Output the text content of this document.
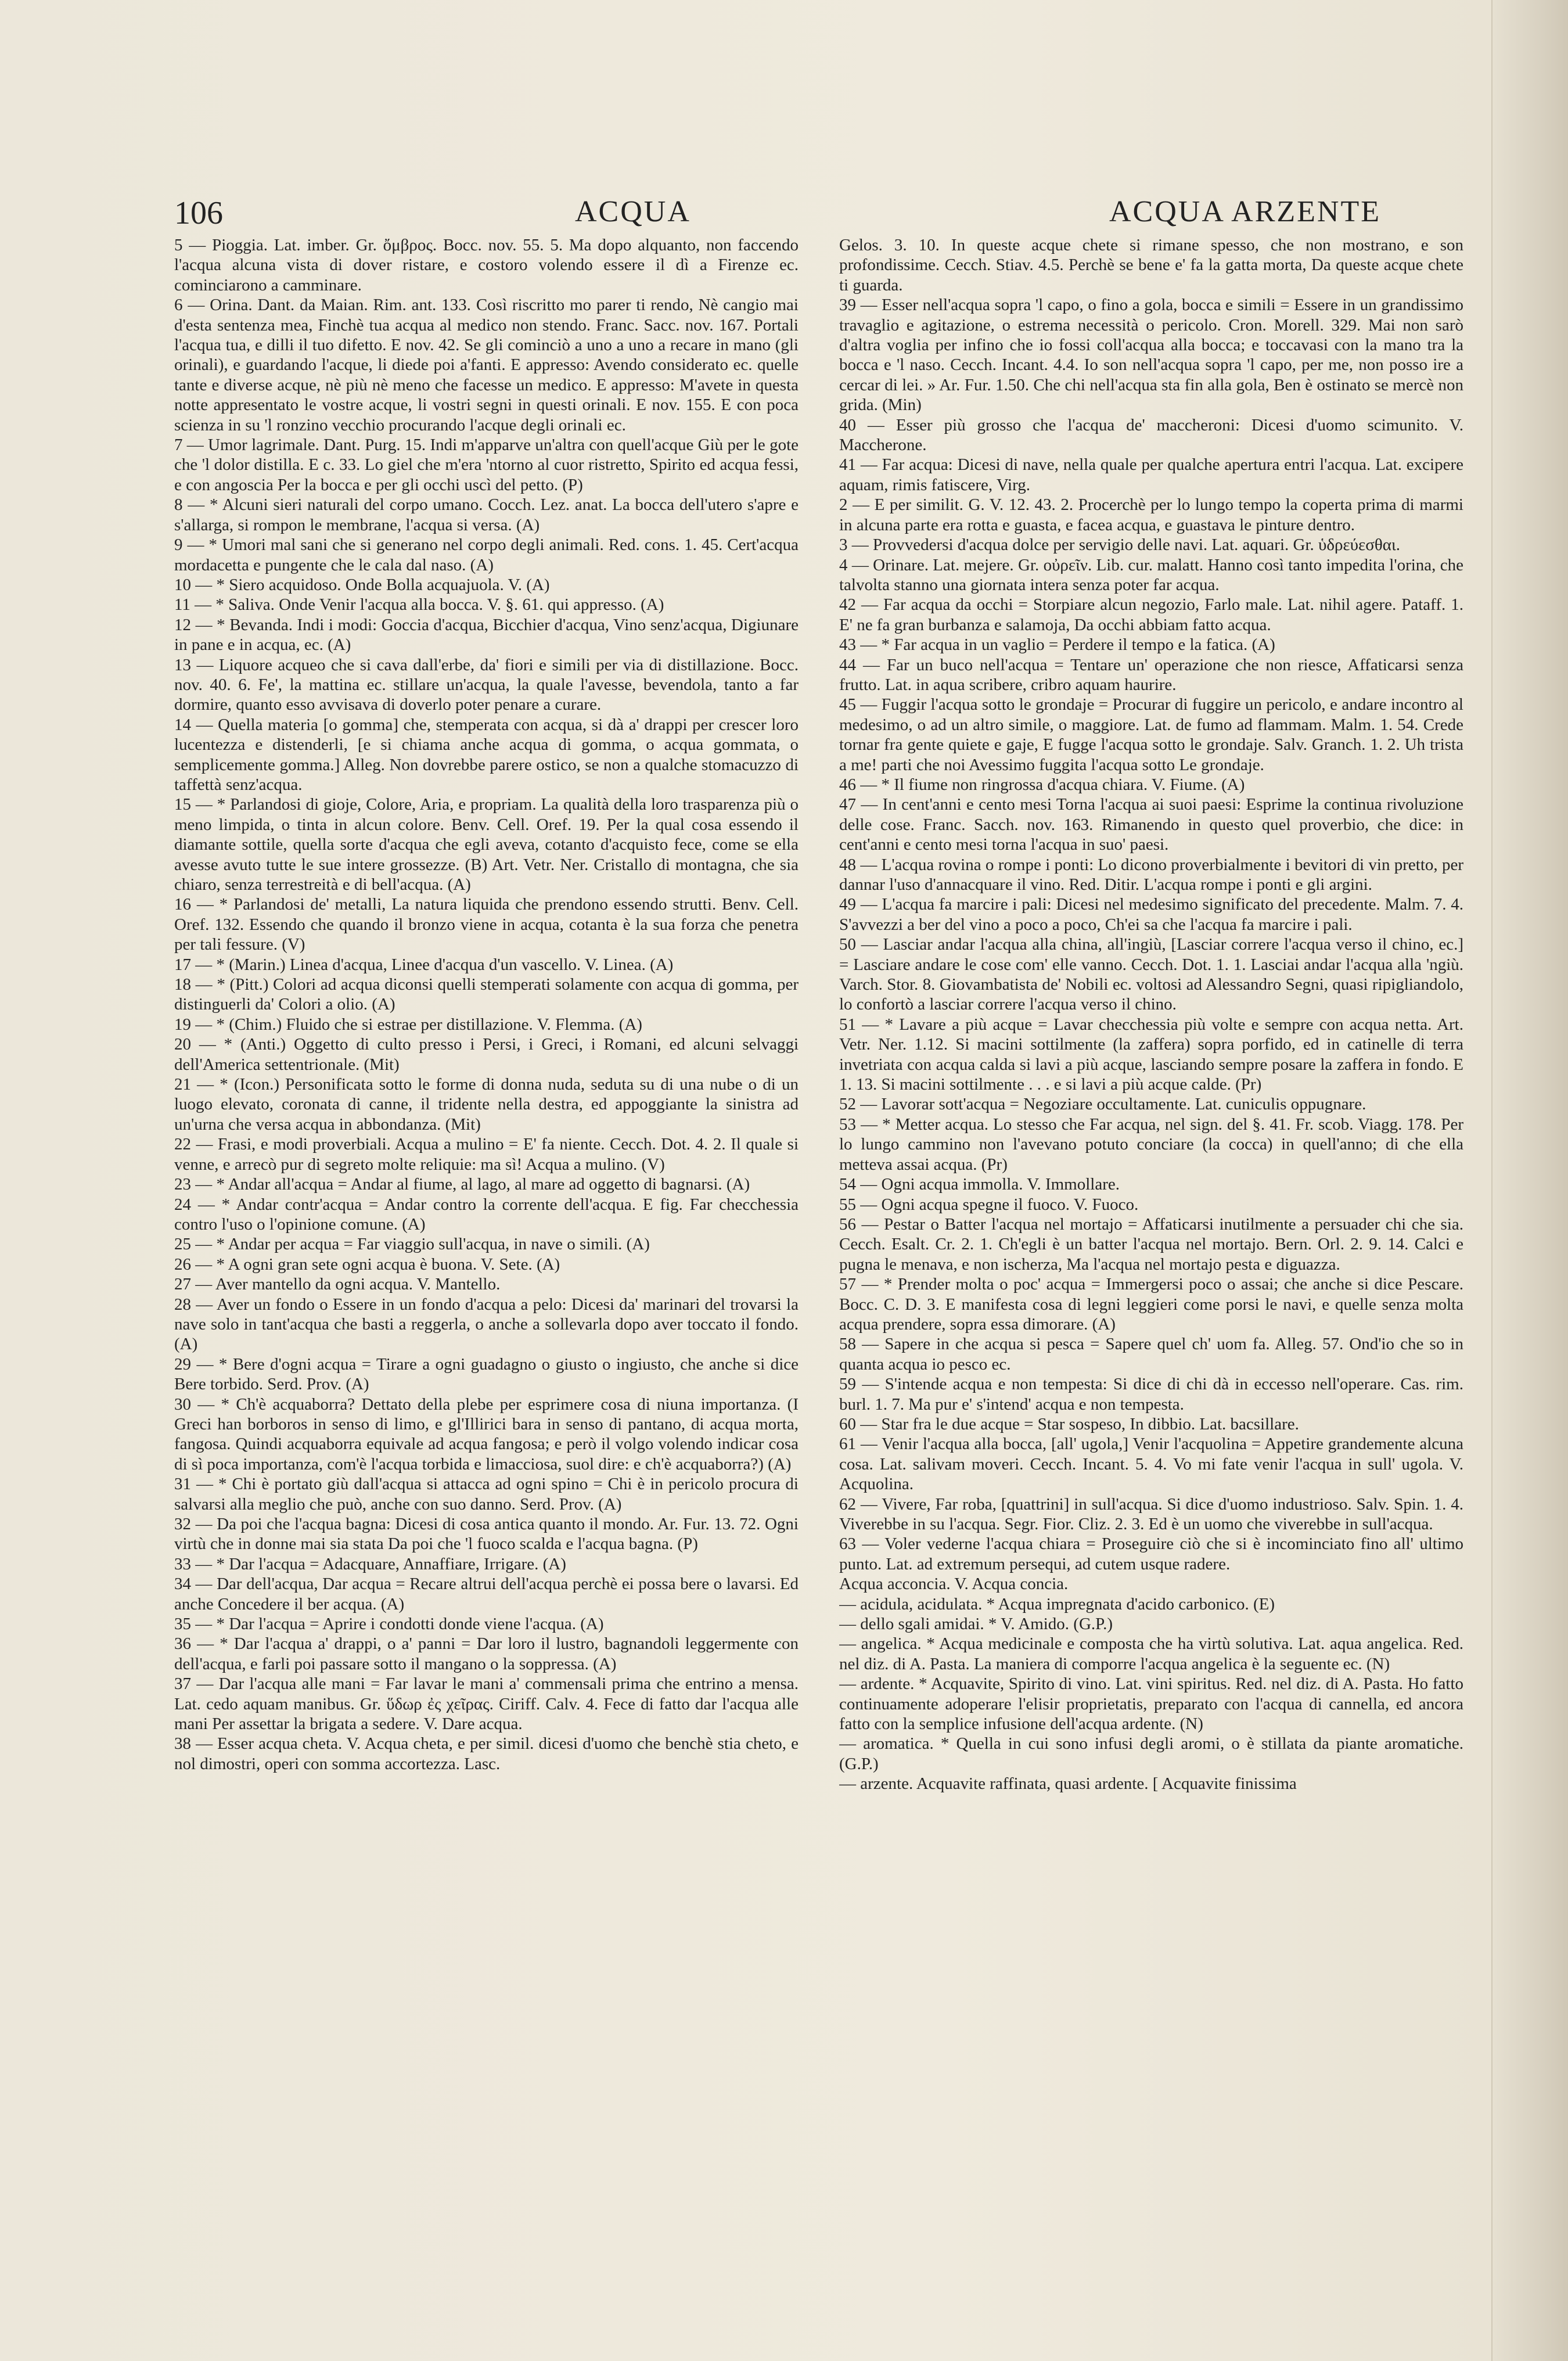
106	ACQUA	ACQUA ARZENTE

5 — Pioggia. Lat. imber. Gr. ὄμβρος. Bocc. nov. 55. 5. Ma dopo alquanto, non faccendo l'acqua alcuna vista di dover ristare, e costoro volendo essere il dì a Firenze ec. cominciarono a camminare.

6 — Orina. Dant. da Maian. Rim. ant. 133. Così riscritto mo parer ti rendo, Nè cangio mai d'esta sentenza mea, Finchè tua acqua al medico non stendo. Franc. Sacc. nov. 167. Portali l'acqua tua, e dilli il tuo difetto. E nov. 42. Se gli cominciò a uno a uno a recare in mano (gli orinali), e guardando l'acque, li diede poi a'fanti. E appresso: Avendo considerato ec. quelle tante e diverse acque, nè più nè meno che facesse un medico. E appresso: M'avete in questa notte appresentato le vostre acque, li vostri segni in questi orinali. E nov. 155. E con poca scienza in su 'l ronzino vecchio procurando l'acque degli orinali ec.

7 — Umor lagrimale. Dant. Purg. 15. Indi m'apparve un'altra con quell'acque Giù per le gote che 'l dolor distilla. E c. 33. Lo giel che m'era 'ntorno al cuor ristretto, Spirito ed acqua fessi, e con angoscia Per la bocca e per gli occhi uscì del petto. (P)

8 — * Alcuni sieri naturali del corpo umano. Cocch. Lez. anat. La bocca dell'utero s'apre e s'allarga, si rompon le membrane, l'acqua si versa. (A)

9 — * Umori mal sani che si generano nel corpo degli animali. Red. cons. 1. 45. Cert'acqua mordacetta e pungente che le cala dal naso. (A)

10 — * Siero acquidoso. Onde Bolla acquajuola. V. (A)

11 — * Saliva. Onde Venir l'acqua alla bocca. V. §. 61. qui appresso. (A)

12 — * Bevanda. Indi i modi: Goccia d'acqua, Bicchier d'acqua, Vino senz'acqua, Digiunare in pane e in acqua, ec. (A)

13 — Liquore acqueo che si cava dall'erbe, da' fiori e simili per via di distillazione. Bocc. nov. 40. 6. Fe', la mattina ec. stillare un'acqua, la quale l'avesse, bevendola, tanto a far dormire, quanto esso avvisava di doverlo poter penare a curare.

14 — Quella materia [o gomma] che, stemperata con acqua, si dà a' drappi per crescer loro lucentezza e distenderli, [e si chiama anche acqua di gomma, o acqua gommata, o semplicemente gomma.] Alleg. Non dovrebbe parere ostico, se non a qualche stomacuzzo di taffettà senz'acqua.

15 — * Parlandosi di gioje, Colore, Aria, e propriam. La qualità della loro trasparenza più o meno limpida, o tinta in alcun colore. Benv. Cell. Oref. 19. Per la qual cosa essendo il diamante sottile, quella sorte d'acqua che egli aveva, cotanto d'acquisto fece, come se ella avesse avuto tutte le sue intere grossezze. (B) Art. Vetr. Ner. Cristallo di montagna, che sia chiaro, senza terrestreità e di bell'acqua. (A)

16 — * Parlandosi de' metalli, La natura liquida che prendono essendo strutti. Benv. Cell. Oref. 132. Essendo che quando il bronzo viene in acqua, cotanta è la sua forza che penetra per tali fessure. (V)

17 — * (Marin.) Linea d'acqua, Linee d'acqua d'un vascello. V. Linea. (A)

18 — * (Pitt.) Colori ad acqua diconsi quelli stemperati solamente con acqua di gomma, per distinguerli da' Colori a olio. (A)

19 — * (Chim.) Fluido che si estrae per distillazione. V. Flemma. (A)

20 — * (Anti.) Oggetto di culto presso i Persi, i Greci, i Romani, ed alcuni selvaggi dell'America settentrionale. (Mit)

21 — * (Icon.) Personificata sotto le forme di donna nuda, seduta su di una nube o di un luogo elevato, coronata di canne, il tridente nella destra, ed appoggiante la sinistra ad un'urna che versa acqua in abbondanza. (Mit)

22 — Frasi, e modi proverbiali. Acqua a mulino = E' fa niente. Cecch. Dot. 4. 2. Il quale si venne, e arrecò pur di segreto molte reliquie: ma sì! Acqua a mulino. (V)

23 — * Andar all'acqua = Andar al fiume, al lago, al mare ad oggetto di bagnarsi. (A)

24 — * Andar contr'acqua = Andar contro la corrente dell'acqua. E fig. Far checchessia contro l'uso o l'opinione comune. (A)

25 — * Andar per acqua = Far viaggio sull'acqua, in nave o simili. (A)

26 — * A ogni gran sete ogni acqua è buona. V. Sete. (A)

27 — Aver mantello da ogni acqua. V. Mantello.

28 — Aver un fondo o Essere in un fondo d'acqua a pelo: Dicesi da' marinari del trovarsi la nave solo in tant'acqua che basti a reggerla, o anche a sollevarla dopo aver toccato il fondo. (A)

29 — * Bere d'ogni acqua = Tirare a ogni guadagno o giusto o ingiusto, che anche si dice Bere torbido. Serd. Prov. (A)

30 — * Ch'è acquaborra? Dettato della plebe per esprimere cosa di niuna importanza. (I Greci han borboros in senso di limo, e gl'Illirici bara in senso di pantano, di acqua morta, fangosa. Quindi acquaborra equivale ad acqua fangosa; e però il volgo volendo indicar cosa di sì poca importanza, com'è l'acqua torbida e limacciosa, suol dire: e ch'è acquaborra?) (A)

31 — * Chi è portato giù dall'acqua si attacca ad ogni spino = Chi è in pericolo procura di salvarsi alla meglio che può, anche con suo danno. Serd. Prov. (A)

32 — Da poi che l'acqua bagna: Dicesi di cosa antica quanto il mondo. Ar. Fur. 13. 72. Ogni virtù che in donne mai sia stata Da poi che 'l fuoco scalda e l'acqua bagna. (P)

33 — * Dar l'acqua = Adacquare, Annaffiare, Irrigare. (A)

34 — Dar dell'acqua, Dar acqua = Recare altrui dell'acqua perchè ei possa bere o lavarsi. Ed anche Concedere il ber acqua. (A)

35 — * Dar l'acqua = Aprire i condotti donde viene l'acqua. (A)

36 — * Dar l'acqua a' drappi, o a' panni = Dar loro il lustro, bagnandoli leggermente con dell'acqua, e farli poi passare sotto il mangano o la soppressa. (A)

37 — Dar l'acqua alle mani = Far lavar le mani a' commensali prima che entrino a mensa. Lat. cedo aquam manibus. Gr. ὕδωρ ἐς χεῖρας. Ciriff. Calv. 4. Fece di fatto dar l'acqua alle mani Per assettar la brigata a sedere. V. Dare acqua.

38 — Esser acqua cheta. V. Acqua cheta, e per simil. dicesi d'uomo che benchè stia cheto, e nol dimostri, operi con somma accortezza. Lasc.

Gelos. 3. 10. In queste acque chete si rimane spesso, che non mostrano, e son profondissime. Cecch. Stiav. 4.5. Perchè se bene e' fa la gatta morta, Da queste acque chete ti guarda.

39 — Esser nell'acqua sopra 'l capo, o fino a gola, bocca e simili = Essere in un grandissimo travaglio e agitazione, o estrema necessità o pericolo. Cron. Morell. 329. Mai non sarò d'altra voglia per infino che io fossi coll'acqua alla bocca; e toccavasi con la mano tra la bocca e 'l naso. Cecch. Incant. 4.4. Io son nell'acqua sopra 'l capo, per me, non posso ire a cercar di lei. » Ar. Fur. 1.50. Che chi nell'acqua sta fin alla gola, Ben è ostinato se mercè non grida. (Min)

40 — Esser più grosso che l'acqua de' maccheroni: Dicesi d'uomo scimunito. V. Maccherone.

41 — Far acqua: Dicesi di nave, nella quale per qualche apertura entri l'acqua. Lat. excipere aquam, rimis fatiscere, Virg.

2 — E per similit. G. V. 12. 43. 2. Procerchè per lo lungo tempo la coperta prima di marmi in alcuna parte era rotta e guasta, e facea acqua, e guastava le pinture dentro.

3 — Provvedersi d'acqua dolce per servigio delle navi. Lat. aquari. Gr. ὑδρεύεσθαι.

4 — Orinare. Lat. mejere. Gr. οὐρεῖν. Lib. cur. malatt. Hanno così tanto impedita l'orina, che talvolta stanno una giornata intera senza poter far acqua.

42 — Far acqua da occhi = Storpiare alcun negozio, Farlo male. Lat. nihil agere. Pataff. 1. E' ne fa gran burbanza e salamoja, Da occhi abbiam fatto acqua.

43 — * Far acqua in un vaglio = Perdere il tempo e la fatica. (A)

44 — Far un buco nell'acqua = Tentare un' operazione che non riesce, Affaticarsi senza frutto. Lat. in aqua scribere, cribro aquam haurire.

45 — Fuggir l'acqua sotto le grondaje = Procurar di fuggire un pericolo, e andare incontro al medesimo, o ad un altro simile, o maggiore. Lat. de fumo ad flammam. Malm. 1. 54. Crede tornar fra gente quiete e gaje, E fugge l'acqua sotto le grondaje. Salv. Granch. 1. 2. Uh trista a me! parti che noi Avessimo fuggita l'acqua sotto Le grondaje.

46 — * Il fiume non ringrossa d'acqua chiara. V. Fiume. (A)

47 — In cent'anni e cento mesi Torna l'acqua ai suoi paesi: Esprime la continua rivoluzione delle cose. Franc. Sacch. nov. 163. Rimanendo in questo quel proverbio, che dice: in cent'anni e cento mesi torna l'acqua in suo' paesi.

48 — L'acqua rovina o rompe i ponti: Lo dicono proverbialmente i bevitori di vin pretto, per dannar l'uso d'annacquare il vino. Red. Ditir. L'acqua rompe i ponti e gli argini.

49 — L'acqua fa marcire i pali: Dicesi nel medesimo significato del precedente. Malm. 7. 4. S'avvezzi a ber del vino a poco a poco, Ch'ei sa che l'acqua fa marcire i pali.

50 — Lasciar andar l'acqua alla china, all'ingiù, [Lasciar correre l'acqua verso il chino, ec.] = Lasciare andare le cose com' elle vanno. Cecch. Dot. 1. 1. Lasciai andar l'acqua alla 'ngiù. Varch. Stor. 8. Giovambatista de' Nobili ec. voltosi ad Alessandro Segni, quasi ripigliandolo, lo confortò a lasciar correre l'acqua verso il chino.

51 — * Lavare a più acque = Lavar checchessia più volte e sempre con acqua netta. Art. Vetr. Ner. 1.12. Si macini sottilmente (la zaffera) sopra porfido, ed in catinelle di terra invetriata con acqua calda si lavi a più acque, lasciando sempre posare la zaffera in fondo. E 1. 13. Si macini sottilmente . . . e si lavi a più acque calde. (Pr)

52 — Lavorar sott'acqua = Negoziare occultamente. Lat. cuniculis oppugnare.

53 — * Metter acqua. Lo stesso che Far acqua, nel sign. del §. 41. Fr. scob. Viagg. 178. Per lo lungo cammino non l'avevano potuto conciare (la cocca) in quell'anno; di che ella metteva assai acqua. (Pr)

54 — Ogni acqua immolla. V. Immollare.

55 — Ogni acqua spegne il fuoco. V. Fuoco.

56 — Pestar o Batter l'acqua nel mortajo = Affaticarsi inutilmente a persuader chi che sia. Cecch. Esalt. Cr. 2. 1. Ch'egli è un batter l'acqua nel mortajo. Bern. Orl. 2. 9. 14. Calci e pugna le menava, e non ischerza, Ma l'acqua nel mortajo pesta e diguazza.

57 — * Prender molta o poc' acqua = Immergersi poco o assai; che anche si dice Pescare. Bocc. C. D. 3. E manifesta cosa di legni leggieri come porsi le navi, e quelle senza molta acqua prendere, sopra essa dimorare. (A)

58 — Sapere in che acqua si pesca = Sapere quel ch' uom fa. Alleg. 57. Ond'io che so in quanta acqua io pesco ec.

59 — S'intende acqua e non tempesta: Si dice di chi dà in eccesso nell'operare. Cas. rim. burl. 1. 7. Ma pur e' s'intend' acqua e non tempesta.

60 — Star fra le due acque = Star sospeso, In dibbio. Lat. bacsillare.

61 — Venir l'acqua alla bocca, [all' ugola,] Venir l'acquolina = Appetire grandemente alcuna cosa. Lat. salivam moveri. Cecch. Incant. 5. 4. Vo mi fate venir l'acqua in sull' ugola. V. Acquolina.

62 — Vivere, Far roba, [quattrini] in sull'acqua. Si dice d'uomo industrioso. Salv. Spin. 1. 4. Viverebbe in su l'acqua. Segr. Fior. Cliz. 2. 3. Ed è un uomo che viverebbe in sull'acqua.

63 — Voler vederne l'acqua chiara = Proseguire ciò che si è incominciato fino all' ultimo punto. Lat. ad extremum persequi, ad cutem usque radere.

Acqua acconcia. V. Acqua concia.

— acidula, acidulata. * Acqua impregnata d'acido carbonico. (E)

— dello sgali amidai. * V. Amido. (G.P.)

— angelica. * Acqua medicinale e composta che ha virtù solutiva. Lat. aqua angelica. Red. nel diz. di A. Pasta. La maniera di comporre l'acqua angelica è la seguente ec. (N)

— ardente. * Acquavite, Spirito di vino. Lat. vini spiritus. Red. nel diz. di A. Pasta. Ho fatto continuamente adoperare l'elisir proprietatis, preparato con l'acqua di cannella, ed ancora fatto con la semplice infusione dell'acqua ardente. (N)

— aromatica. * Quella in cui sono infusi degli aromi, o è stillata da piante aromatiche. (G.P.)

— arzente. Acquavite raffinata, quasi ardente. [ Acquavite finissima
